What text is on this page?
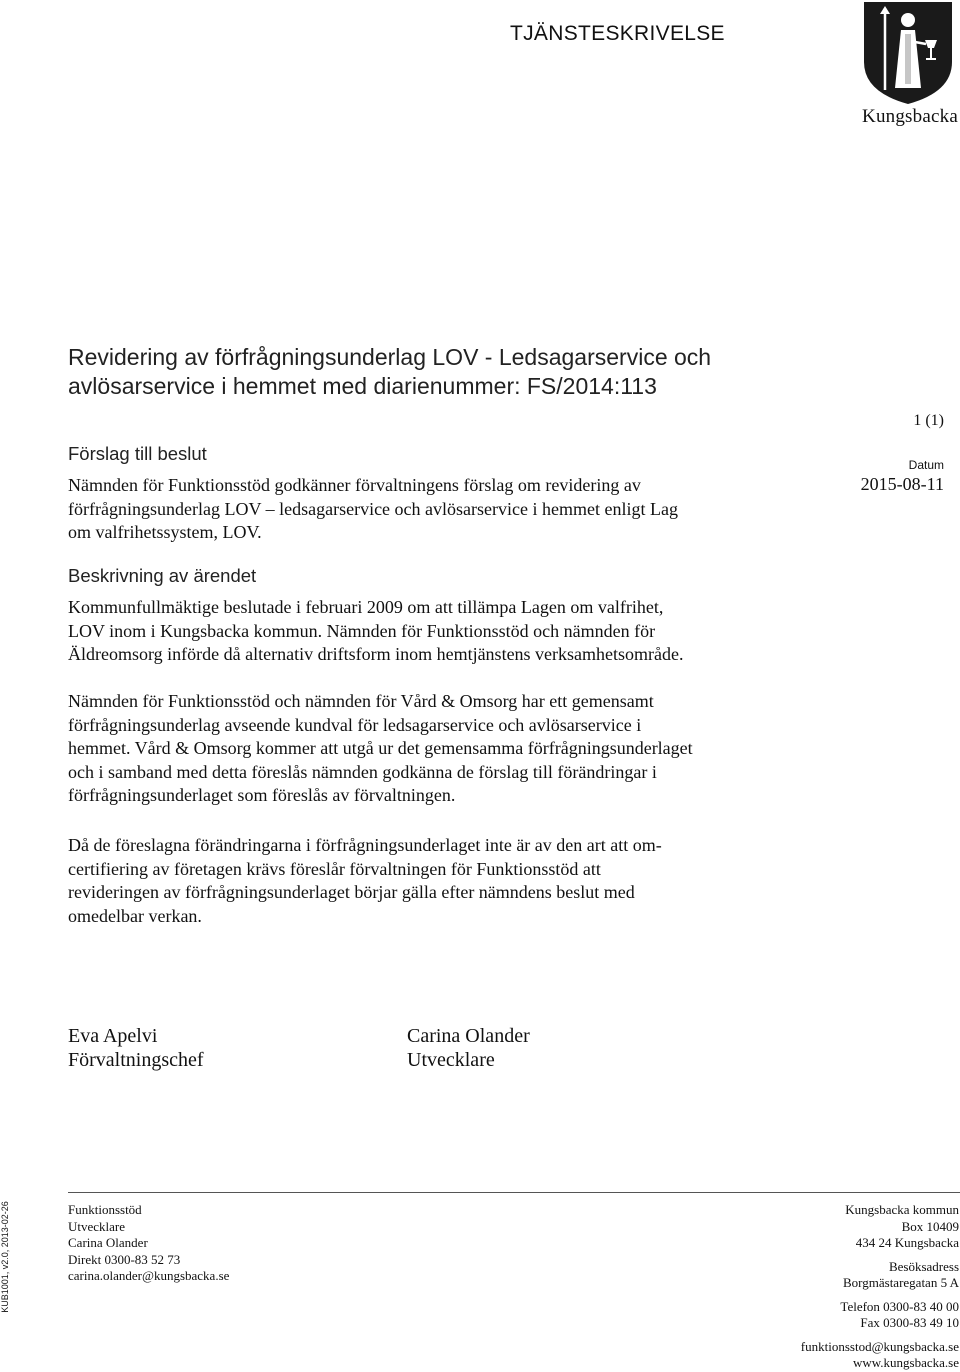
TJÄNSTESKRIVELSE
Kungsbacka
Revidering av förfrågningsunderlag LOV - Ledsagarservice och
avlösarservice i hemmet med diarienummer: FS/2014:113
1 (1)
Datum
2015-08-11
Förslag till beslut
Nämnden för Funktionsstöd godkänner förvaltningens förslag om revidering av
förfrågningsunderlag LOV – ledsagarservice och avlösarservice i hemmet enligt Lag
om valfrihetssystem, LOV.
Beskrivning av ärendet
Kommunfullmäktige beslutade i februari 2009 om att tillämpa Lagen om valfrihet,
LOV inom i Kungsbacka kommun. Nämnden för Funktionsstöd och nämnden för
Äldreomsorg införde då alternativ driftsform inom hemtjänstens verksamhetsområde.
Nämnden för Funktionsstöd och nämnden för Vård & Omsorg har ett gemensamt
förfrågningsunderlag avseende kundval för ledsagarservice och avlösarservice i
hemmet. Vård & Omsorg kommer att utgå ur det gemensamma förfrågningsunderlaget
och i samband med detta föreslås nämnden godkänna de förslag till förändringar i
förfrågningsunderlaget som föreslås av förvaltningen.
Då de föreslagna förändringarna i förfrågningsunderlaget inte är av den art att om-
certifiering av företagen krävs föreslår förvaltningen för Funktionsstöd att
revideringen av förfrågningsunderlaget börjar gälla efter nämndens beslut med
omedelbar verkan.
Eva Apelvi
Förvaltningschef
Carina Olander
Utvecklare
Funktionsstöd
Utvecklare
Carina Olander
Direkt 0300-83 52 73
carina.olander@kungsbacka.se
Kungsbacka kommun
Box 10409
434 24 Kungsbacka
Besöksadress
Borgmästaregatan 5 A
Telefon 0300-83 40 00
Fax 0300-83 49 10
funktionsstod@kungsbacka.se
www.kungsbacka.se
KUB1001, v2.0, 2013-02-26
